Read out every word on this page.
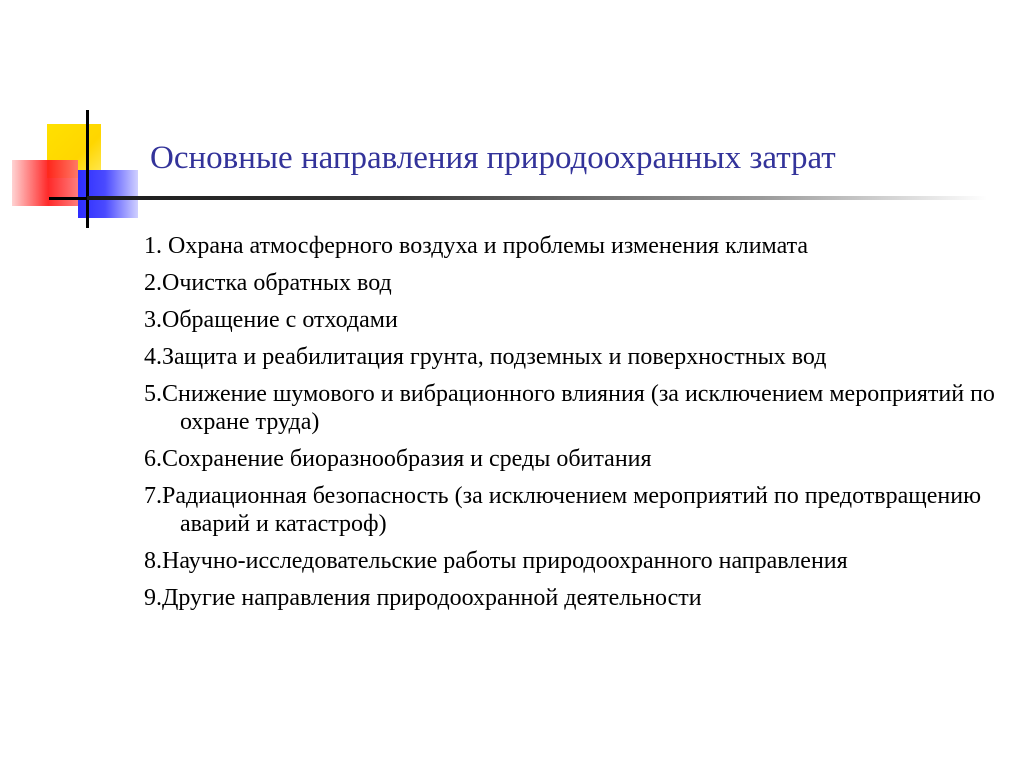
Основные направления природоохранных затрат
1. Охрана атмосферного воздуха и проблемы изменения климата
2.Очистка обратных вод
3.Обращение с отходами
4.Защита и реабилитация грунта, подземных и поверхностных вод
5.Снижение шумового и вибрационного влияния (за исключением мероприятий по охране труда)
6.Сохранение биоразнообразия и среды обитания
7.Радиационная безопасность (за исключением мероприятий по предотвращению аварий и катастроф)
8.Научно-исследовательские работы природоохранного направления
9.Другие направления природоохранной деятельности
